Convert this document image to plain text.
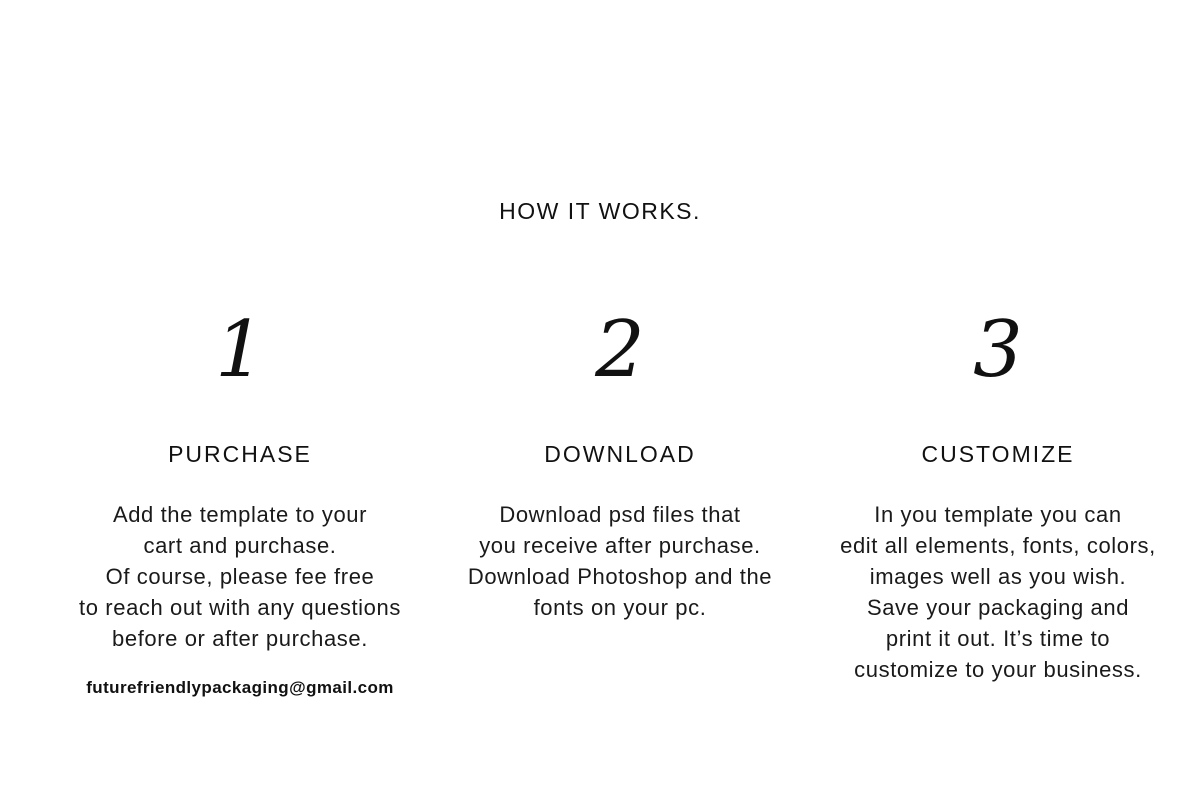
HOW IT WORKS.
1
PURCHASE
Add the template to your
cart and purchase.
Of course, please fee free
to reach out with any questions
before or after purchase.
2
DOWNLOAD
Download psd files that
you receive after purchase.
Download Photoshop and the
fonts on your pc.
3
CUSTOMIZE
In you template you can
edit all elements, fonts, colors,
images well as you wish.
Save your packaging and
print it out. It’s time to
customize to your business.
futurefriendlypackaging@gmail.com
